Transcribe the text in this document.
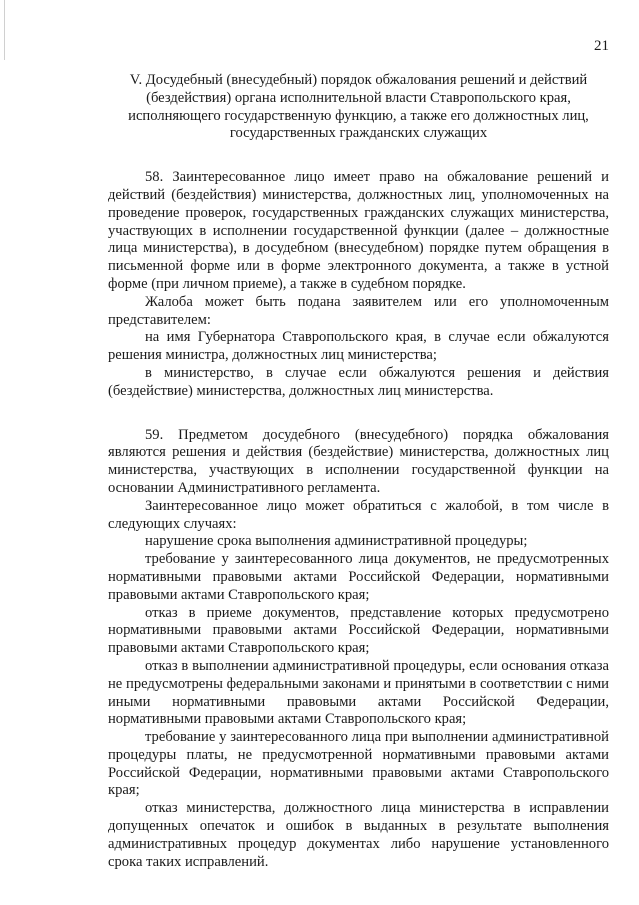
21

V. Досудебный (внесудебный) порядок обжалования решений и действий (бездействия) органа исполнительной власти Ставропольского края, исполняющего государственную функцию, а также его должностных лиц, государственных гражданских служащих

58. Заинтересованное лицо имеет право на обжалование решений и действий (бездействия) министерства, должностных лиц, уполномоченных на проведение проверок, государственных гражданских служащих министерства, участвующих в исполнении государственной функции (далее – должностные лица министерства), в досудебном (внесудебном) порядке путем обращения в письменной форме или в форме электронного документа, а также в устной форме (при личном приеме), а также в судебном порядке.

Жалоба может быть подана заявителем или его уполномоченным представителем:

на имя Губернатора Ставропольского края, в случае если обжалуются решения министра, должностных лиц министерства;

в министерство, в случае если обжалуются решения и действия (бездействие) министерства, должностных лиц министерства.

59. Предметом досудебного (внесудебного) порядка обжалования являются решения и действия (бездействие) министерства, должностных лиц министерства, участвующих в исполнении государственной функции на основании Административного регламента.

Заинтересованное лицо может обратиться с жалобой, в том числе в следующих случаях:

нарушение срока выполнения административной процедуры;

требование у заинтересованного лица документов, не предусмотренных нормативными правовыми актами Российской Федерации, нормативными правовыми актами Ставропольского края;

отказ в приеме документов, представление которых предусмотрено нормативными правовыми актами Российской Федерации, нормативными правовыми актами Ставропольского края;

отказ в выполнении административной процедуры, если основания отказа не предусмотрены федеральными законами и принятыми в соответствии с ними иными нормативными правовыми актами Российской Федерации, нормативными правовыми актами Ставропольского края;

требование у заинтересованного лица при выполнении административной процедуры платы, не предусмотренной нормативными правовыми актами Российской Федерации, нормативными правовыми актами Ставропольского края;

отказ министерства, должностного лица министерства в исправлении допущенных опечаток и ошибок в выданных в результате выполнения административных процедур документах либо нарушение установленного срока таких исправлений.
